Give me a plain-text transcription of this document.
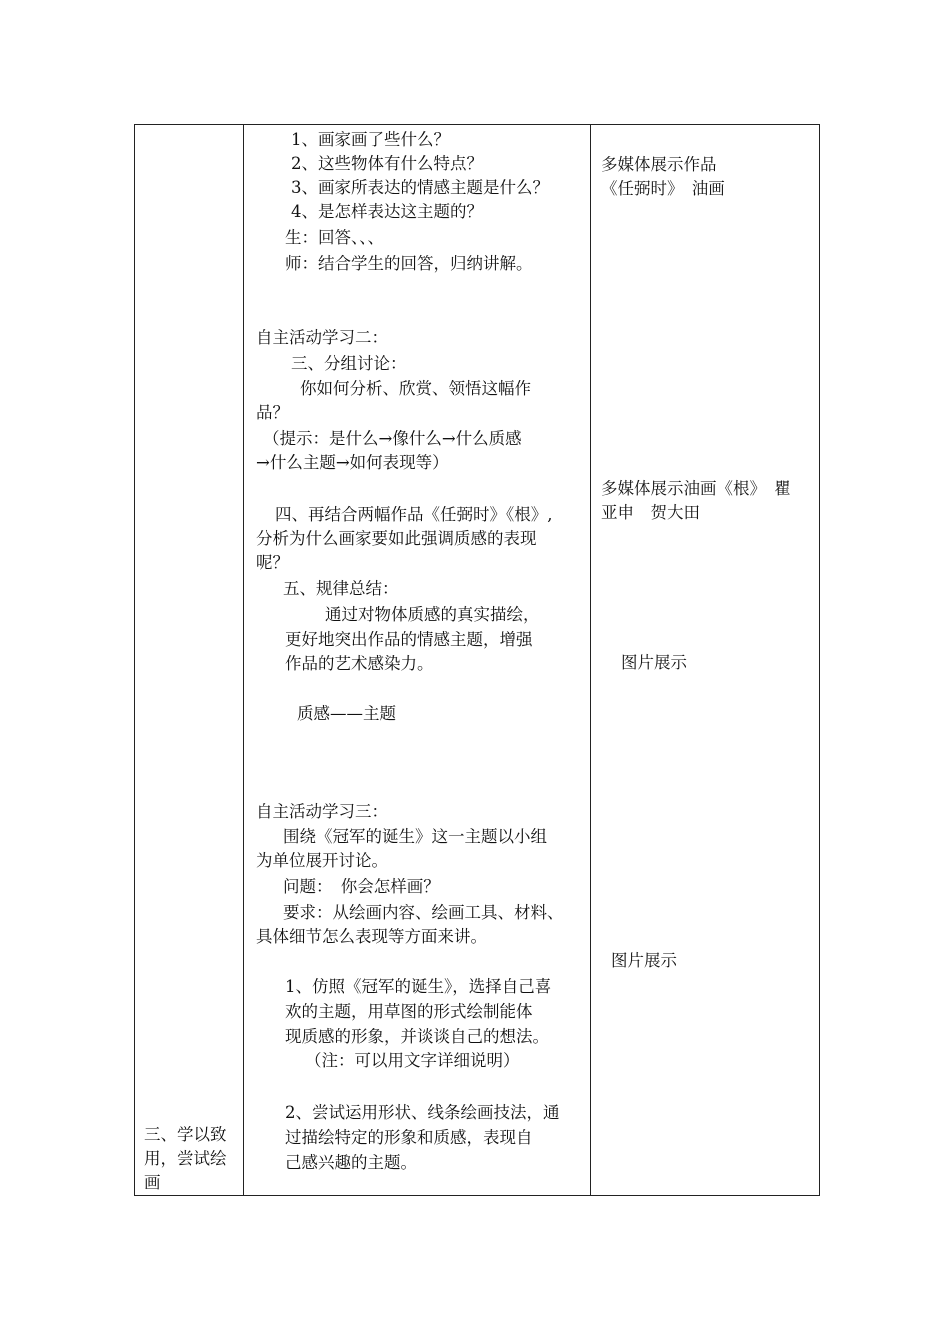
1、画家画了些什么？
2、这些物体有什么特点？
3、画家所表达的情感主题是什么？
4、是怎样表达这主题的？
生：回答、、、
师：结合学生的回答，归纳讲解。
自主活动学习二：
三、分组讨论：
你如何分析、欣赏、领悟这幅作
品？
（提示：是什么→像什么→什么质感
→什么主题→如何表现等）
四、再结合两幅作品《任弼时》《根》,
分析为什么画家要如此强调质感的表现
呢？
五、规律总结：
通过对物体质感的真实描绘，
更好地突出作品的情感主题，增强
作品的艺术感染力。
质感——主题
自主活动学习三：
围绕《冠军的诞生》这一主题以小组
为单位展开讨论。
问题：　你会怎样画？
要求：从绘画内容、绘画工具、材料、
具体细节怎么表现等方面来讲。
1、仿照《冠军的诞生》，选择自己喜
欢的主题，用草图的形式绘制能体
现质感的形象，并谈谈自己的想法。
（注：可以用文字详细说明）
2、尝试运用形状、线条绘画技法，通
过描绘特定的形象和质感，表现自
己感兴趣的主题。
多媒体展示作品
《任弼时》　油画
多媒体展示油画《根》　瞿
亚申　贺大田
图片展示
图片展示
三、学以致用，尝试绘画
